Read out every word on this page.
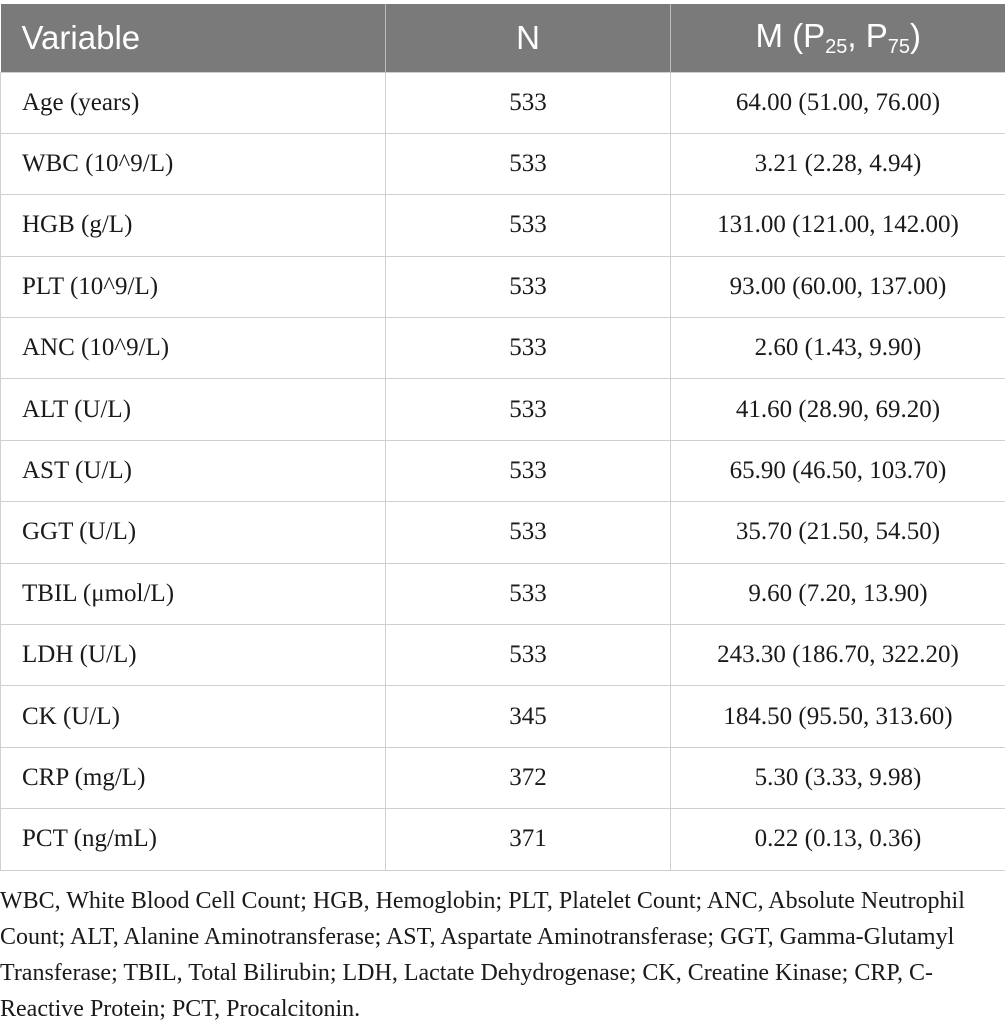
Variable	N	M ($P_{25}$, $P_{75}$)
Age (years)	533	64.00 (51.00, 76.00)
WBC (10^9/L)	533	3.21 (2.28, 4.94)
HGB (g/L)	533	131.00 (121.00, 142.00)
PLT (10^9/L)	533	93.00 (60.00, 137.00)
ANC (10^9/L)	533	2.60 (1.43, 9.90)
ALT (U/L)	533	41.60 (28.90, 69.20)
AST (U/L)	533	65.90 (46.50, 103.70)
GGT (U/L)	533	35.70 (21.50, 54.50)
TBIL (μmol/L)	533	9.60 (7.20, 13.90)
LDH (U/L)	533	243.30 (186.70, 322.20)
CK (U/L)	345	184.50 (95.50, 313.60)
CRP (mg/L)	372	5.30 (3.33, 9.98)
PCT (ng/mL)	371	0.22 (0.13, 0.36)

WBC, White Blood Cell Count; HGB, Hemoglobin; PLT, Platelet Count; ANC, Absolute Neutrophil Count; ALT, Alanine Aminotransferase; AST, Aspartate Aminotransferase; GGT, Gamma-Glutamyl Transferase; TBIL, Total Bilirubin; LDH, Lactate Dehydrogenase; CK, Creatine Kinase; CRP, C-Reactive Protein; PCT, Procalcitonin.
